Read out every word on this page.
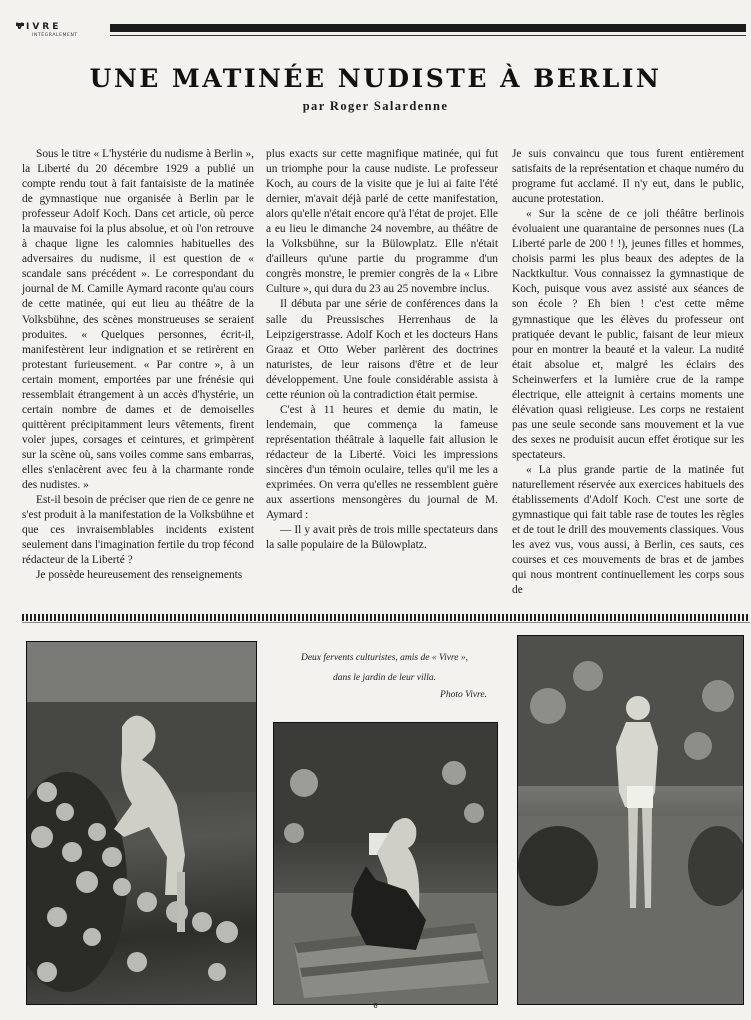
VIVRE
INTÉGRALEMENT
UNE MATINÉE NUDISTE À BERLIN
par Roger Salardenne

Sous le titre « L'hystérie du nudisme à Berlin », la Liberté du 20 décembre 1929 a publié un compte rendu tout à fait fantaisiste de la matinée de gymnastique nue organisée à Berlin par le professeur Adolf Koch. Dans cet article, où perce la mauvaise foi la plus absolue, et où l'on retrouve à chaque ligne les calomnies habituelles des adversaires du nudisme, il est question de « scandale sans précédent ». Le correspondant du journal de M. Camille Aymard raconte qu'au cours de cette matinée, qui eut lieu au théâtre de la Volksbühne, des scènes monstrueuses se seraient produites. « Quelques personnes, écrit-il, manifestèrent leur indignation et se retirèrent en protestant furieusement. « Par contre », à un certain moment, emportées par une frénésie qui ressemblait étrangement à un accès d'hystérie, un certain nombre de dames et de demoiselles quittèrent précipitamment leurs vêtements, firent voler jupes, corsages et ceintures, et grimpèrent sur la scène où, sans voiles comme sans embarras, elles s'enlacèrent avec feu à la charmante ronde des nudistes. »

Est-il besoin de préciser que rien de ce genre ne s'est produit à la manifestation de la Volksbühne et que ces invraisemblables incidents existent seulement dans l'imagination fertile du trop fécond rédacteur de la Liberté ?

Je possède heureusement des renseignements

plus exacts sur cette magnifique matinée, qui fut un triomphe pour la cause nudiste. Le professeur Koch, au cours de la visite que je lui ai faite l'été dernier, m'avait déjà parlé de cette manifestation, alors qu'elle n'était encore qu'à l'état de projet. Elle a eu lieu le dimanche 24 novembre, au théâtre de la Volksbühne, sur la Bülowplatz. Elle n'était d'ailleurs qu'une partie du programme d'un congrès monstre, le premier congrès de la « Libre Culture », qui dura du 23 au 25 novembre inclus.

Il débuta par une série de conférences dans la salle du Preussisches Herrenhaus de la Leipzigerstrasse. Adolf Koch et les docteurs Hans Graaz et Otto Weber parlèrent des doctrines naturistes, de leur raisons d'être et de leur développement. Une foule considérable assista à cette réunion où la contradiction était permise.

C'est à 11 heures et demie du matin, le lendemain, que commença la fameuse représentation théâtrale à laquelle fait allusion le rédacteur de la Liberté. Voici les impressions sincères d'un témoin oculaire, telles qu'il me les a exprimées. On verra qu'elles ne ressemblent guère aux assertions mensongères du journal de M. Aymard :

— Il y avait près de trois mille spectateurs dans la salle populaire de la Bülowplatz.

Je suis convaincu que tous furent entièrement satisfaits de la représentation et chaque numéro du programe fut acclamé. Il n'y eut, dans le public, aucune protestation.

« Sur la scène de ce joli théâtre berlinois évoluaient une quarantaine de personnes nues (La Liberté parle de 200 ! !), jeunes filles et hommes, choisis parmi les plus beaux des adeptes de la Nacktkultur. Vous connaissez la gymnastique de Koch, puisque vous avez assisté aux séances de son école ? Eh bien ! c'est cette même gymnastique que les élèves du professeur ont pratiquée devant le public, faisant de leur mieux pour en montrer la beauté et la valeur. La nudité était absolue et, malgré les éclairs des Scheinwerfers et la lumière crue de la rampe électrique, elle atteignit à certains moments une élévation quasi religieuse. Les corps ne restaient pas une seule seconde sans mouvement et la vue des sexes ne produisit aucun effet érotique sur les spectateurs.

« La plus grande partie de la matinée fut naturellement réservée aux exercices habituels des établissements d'Adolf Koch. C'est une sorte de gymnastique qui fait table rase de toutes les règles et de tout le drill des mouvements classiques. Vous les avez vus, vous aussi, à Berlin, ces sauts, ces courses et ces mouvements de bras et de jambes qui nous montrent continuellement les corps sous de

Deux fervents culturistes, amis de « Vivre »,
dans le jardin de leur villa.
Photo Vivre.
6
